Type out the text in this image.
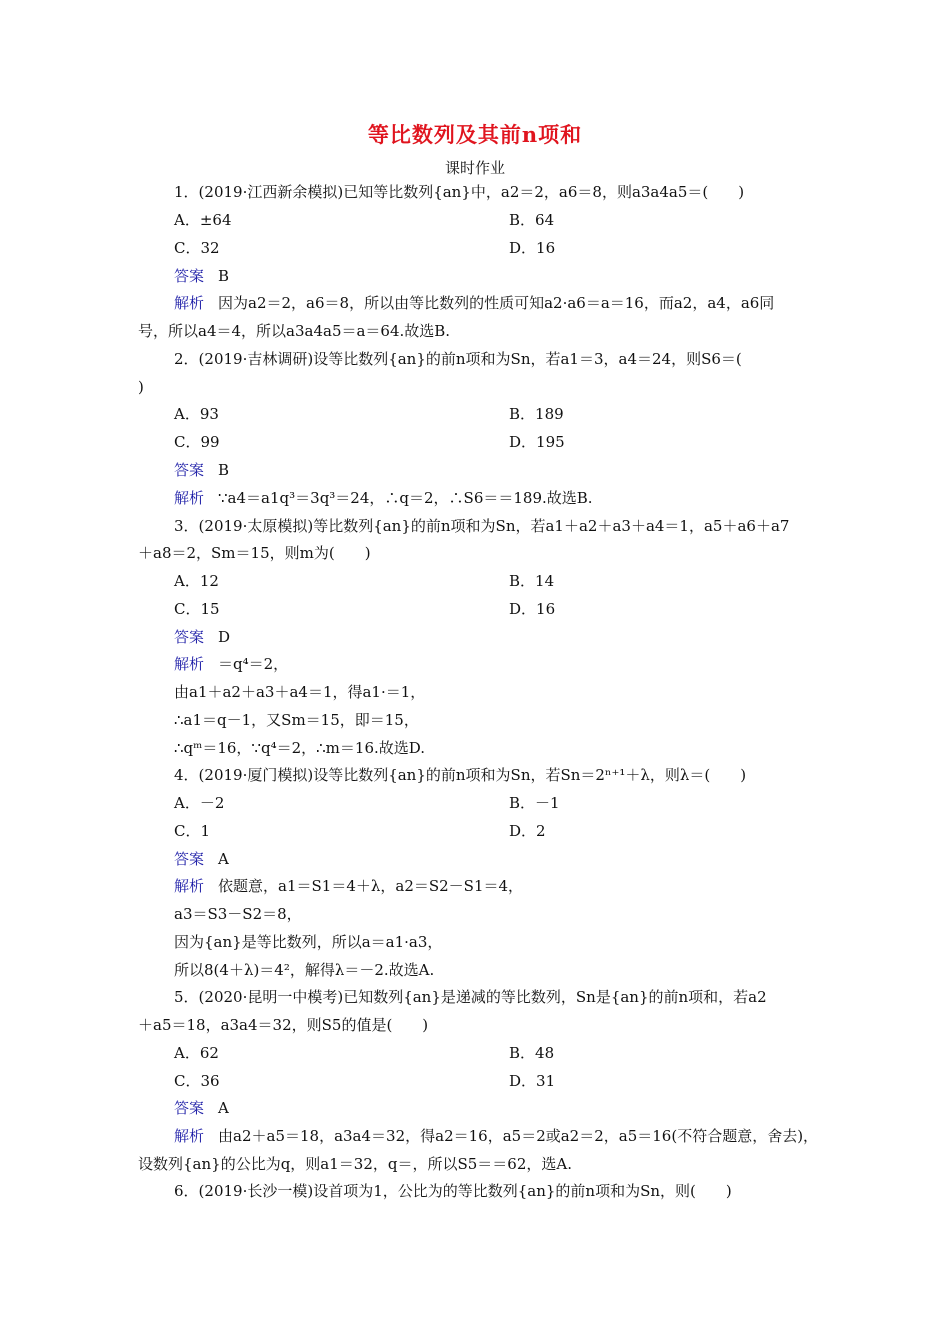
等比数列及其前n项和
课时作业
1．(2019·江西新余模拟)已知等比数列{an}中，a2＝2，a6＝8，则a3a4a5＝(　　)
A．±64	B．64
C．32	D．16
答案 B
解析 因为a2＝2，a6＝8，所以由等比数列的性质可知a2·a6＝a＝16，而a2，a4，a6同
号，所以a4＝4，所以a3a4a5＝a＝64.故选B.
2．(2019·吉林调研)设等比数列{an}的前n项和为Sn，若a1＝3，a4＝24，则S6＝(
)
A．93	B．189
C．99	D．195
答案 B
解析 ∵a4＝a1q³＝3q³＝24，∴q＝2，∴S6＝＝189.故选B.
3．(2019·太原模拟)等比数列{an}的前n项和为Sn，若a1＋a2＋a3＋a4＝1，a5＋a6＋a7
＋a8＝2，Sm＝15，则m为(　　)
A．12	B．14
C．15	D．16
答案 D
解析 ＝q⁴＝2，
由a1＋a2＋a3＋a4＝1，得a1·＝1，
∴a1＝q－1，又Sm＝15，即＝15，
∴qᵐ＝16，∵q⁴＝2，∴m＝16.故选D.
4．(2019·厦门模拟)设等比数列{an}的前n项和为Sn，若Sn＝2ⁿ⁺¹＋λ，则λ＝(　　)
A．－2	B．－1
C．1	D．2
答案 A
解析 依题意，a1＝S1＝4＋λ，a2＝S2－S1＝4，
a3＝S3－S2＝8，
因为{an}是等比数列，所以a＝a1·a3，
所以8(4＋λ)＝4²，解得λ＝－2.故选A.
5．(2020·昆明一中模考)已知数列{an}是递减的等比数列，Sn是{an}的前n项和，若a2
＋a5＝18，a3a4＝32，则S5的值是(　　)
A．62	B．48
C．36	D．31
答案 A
解析 由a2＋a5＝18，a3a4＝32，得a2＝16，a5＝2或a2＝2，a5＝16(不符合题意，舍去)，
设数列{an}的公比为q，则a1＝32，q＝，所以S5＝＝62，选A.
6．(2019·长沙一模)设首项为1，公比为的等比数列{an}的前n项和为Sn，则(　　)
